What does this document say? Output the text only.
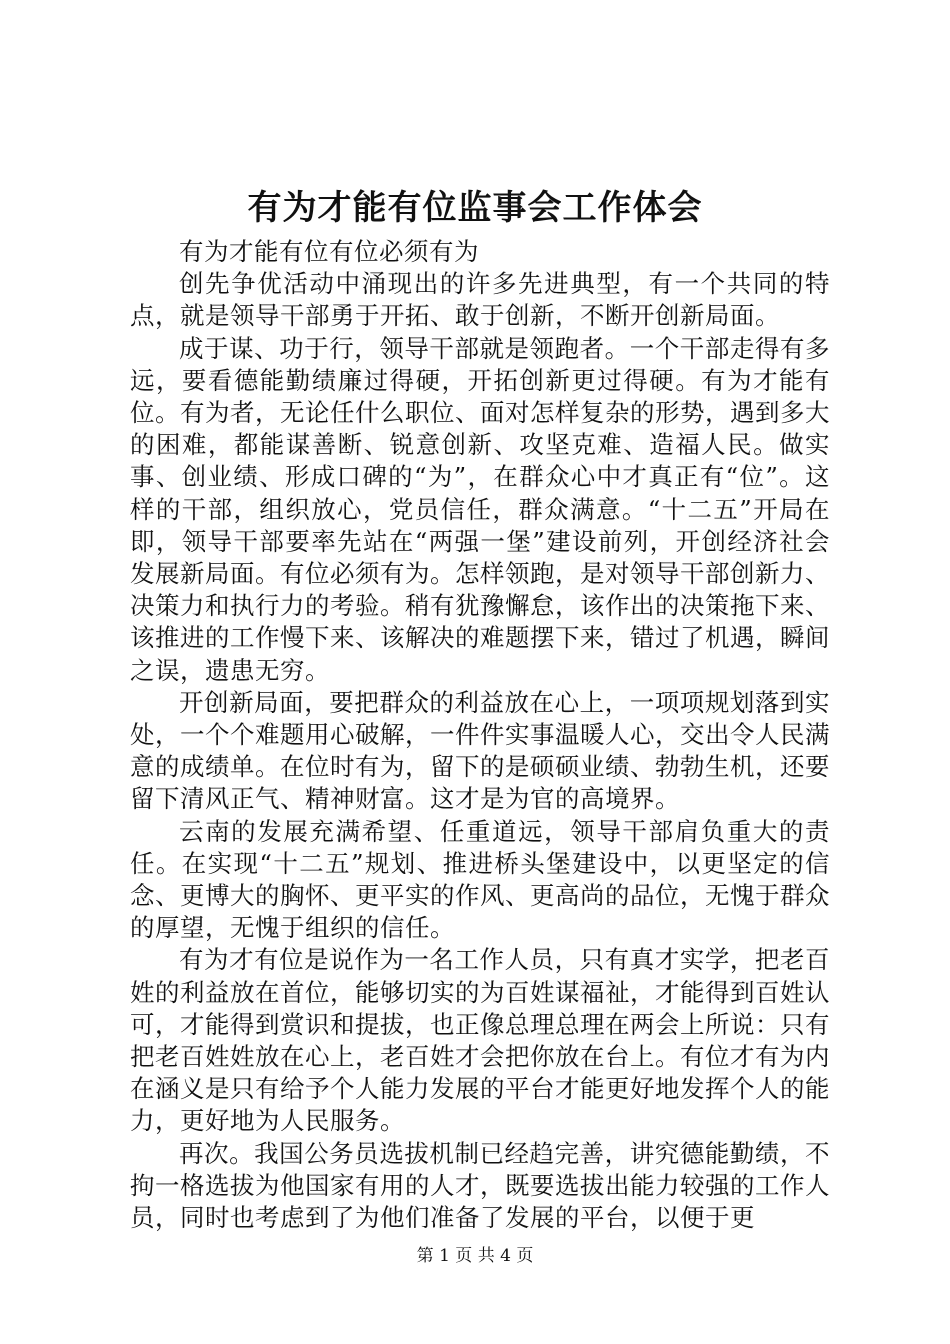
有为才能有位监事会工作体会

有为才能有位有位必须有为

创先争优活动中涌现出的许多先进典型，有一个共同的特点，就是领导干部勇于开拓、敢于创新，不断开创新局面。

成于谋、功于行，领导干部就是领跑者。一个干部走得有多远，要看德能勤绩廉过得硬，开拓创新更过得硬。有为才能有位。有为者，无论任什么职位、面对怎样复杂的形势，遇到多大的困难，都能谋善断、锐意创新、攻坚克难、造福人民。做实事、创业绩、形成口碑的“为”，在群众心中才真正有“位”。这样的干部，组织放心，党员信任，群众满意。“十二五”开局在即，领导干部要率先站在“两强一堡”建设前列，开创经济社会发展新局面。有位必须有为。怎样领跑，是对领导干部创新力、决策力和执行力的考验。稍有犹豫懈怠，该作出的决策拖下来、该推进的工作慢下来、该解决的难题摆下来，错过了机遇，瞬间之误，遗患无穷。

开创新局面，要把群众的利益放在心上，一项项规划落到实处，一个个难题用心破解，一件件实事温暖人心，交出令人民满意的成绩单。在位时有为，留下的是硕硕业绩、勃勃生机，还要留下清风正气、精神财富。这才是为官的高境界。

云南的发展充满希望、任重道远，领导干部肩负重大的责任。在实现“十二五”规划、推进桥头堡建设中，以更坚定的信念、更博大的胸怀、更平实的作风、更高尚的品位，无愧于群众的厚望，无愧于组织的信任。

有为才有位是说作为一名工作人员，只有真才实学，把老百姓的利益放在首位，能够切实的为百姓谋福祉，才能得到百姓认可，才能得到赏识和提拔，也正像总理总理在两会上所说：只有把老百姓姓放在心上，老百姓才会把你放在台上。有位才有为内在涵义是只有给予个人能力发展的平台才能更好地发挥个人的能力，更好地为人民服务。

再次。我国公务员选拔机制已经趋完善，讲究德能勤绩，不拘一格选拔为他国家有用的人才，既要选拔出能力较强的工作人员，同时也考虑到了为他们准备了发展的平台，以便于更

第 1 页 共 4 页
